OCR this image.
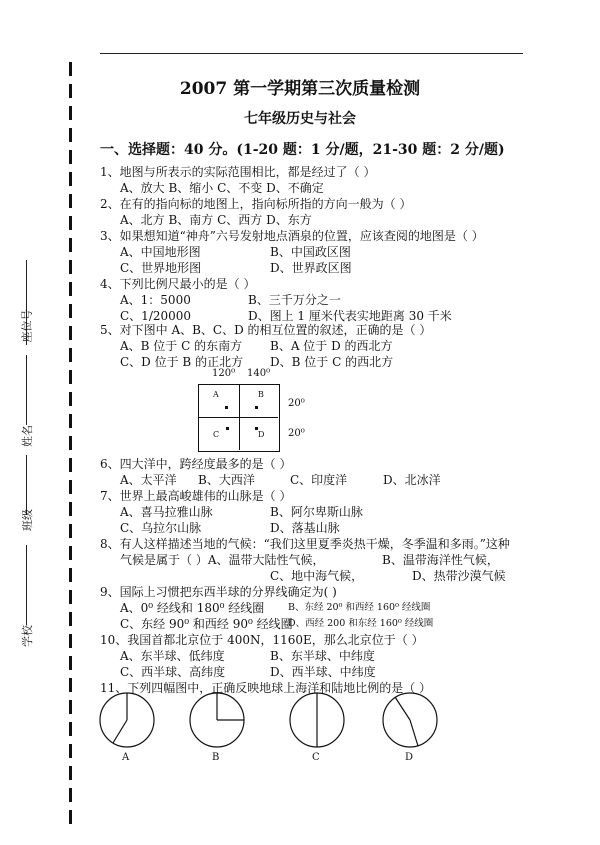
座位号
姓名
班级
学校
2007 第一学期第三次质量检测
七年级历史与社会
一、选择题：40 分。(1-20 题：1 分/题，21-30 题：2 分/题)
1、地图与所表示的实际范围相比，都是经过了（ ）
A、放大 B、缩小 C、不变 D、不确定
2、在有的指向标的地图上，指向标所指的方向一般为（ ）
A、北方 B、南方 C、西方 D、东方
3、如果想知道“神舟”六号发射地点酒泉的位置，应该查阅的地图是（ ）
A、中国地形图	B、中国政区图
C、世界地形图	D、世界政区图
4、下列比例尺最小的是（ ）
A、1：5000	B、三千万分之一
C、1/20000	D、图上 1 厘米代表实地距离 30 千米
5、对下图中 A、B、C、D 的相互位置的叙述，正确的是（ ）
A、B 位于 C 的东南方 B、A 位于 D 的西北方
C、D 位于 B 的正北方 D、B 位于 C 的西北方
120⁰ 140⁰
A	B
C	D
20⁰
20⁰
6、四大洋中，跨经度最多的是（ ）
A、太平洋 B、大西洋	C、印度洋	D、北冰洋
7、世界上最高峻雄伟的山脉是（ ）
A、喜马拉雅山脉	B、阿尔卑斯山脉
C、乌拉尔山脉	D、落基山脉
8、有人这样描述当地的气候：“我们这里夏季炎热干燥，冬季温和多雨。”这种
气候是属于（ ）A、温带大陆性气候，	B、温带海洋性气候，
C、地中海气候，	D、热带沙漠气候
9、国际上习惯把东西半球的分界线确定为( )
A、0⁰ 经线和 180⁰ 经线圈 B、东经 20⁰ 和西经 160⁰ 经线圈
C、东经 90⁰ 和西经 90⁰ 经线圈
D、西经 200 和东经 160⁰ 经线圈
10、我国首都北京位于 400N，1160E，那么北京位于（ ）
A、东半球、低纬度	B、东半球、中纬度
C、西半球、高纬度	D、西半球、中纬度
11、下列四幅图中，正确反映地球上海洋和陆地比例的是（ ）
A	B	C	D
